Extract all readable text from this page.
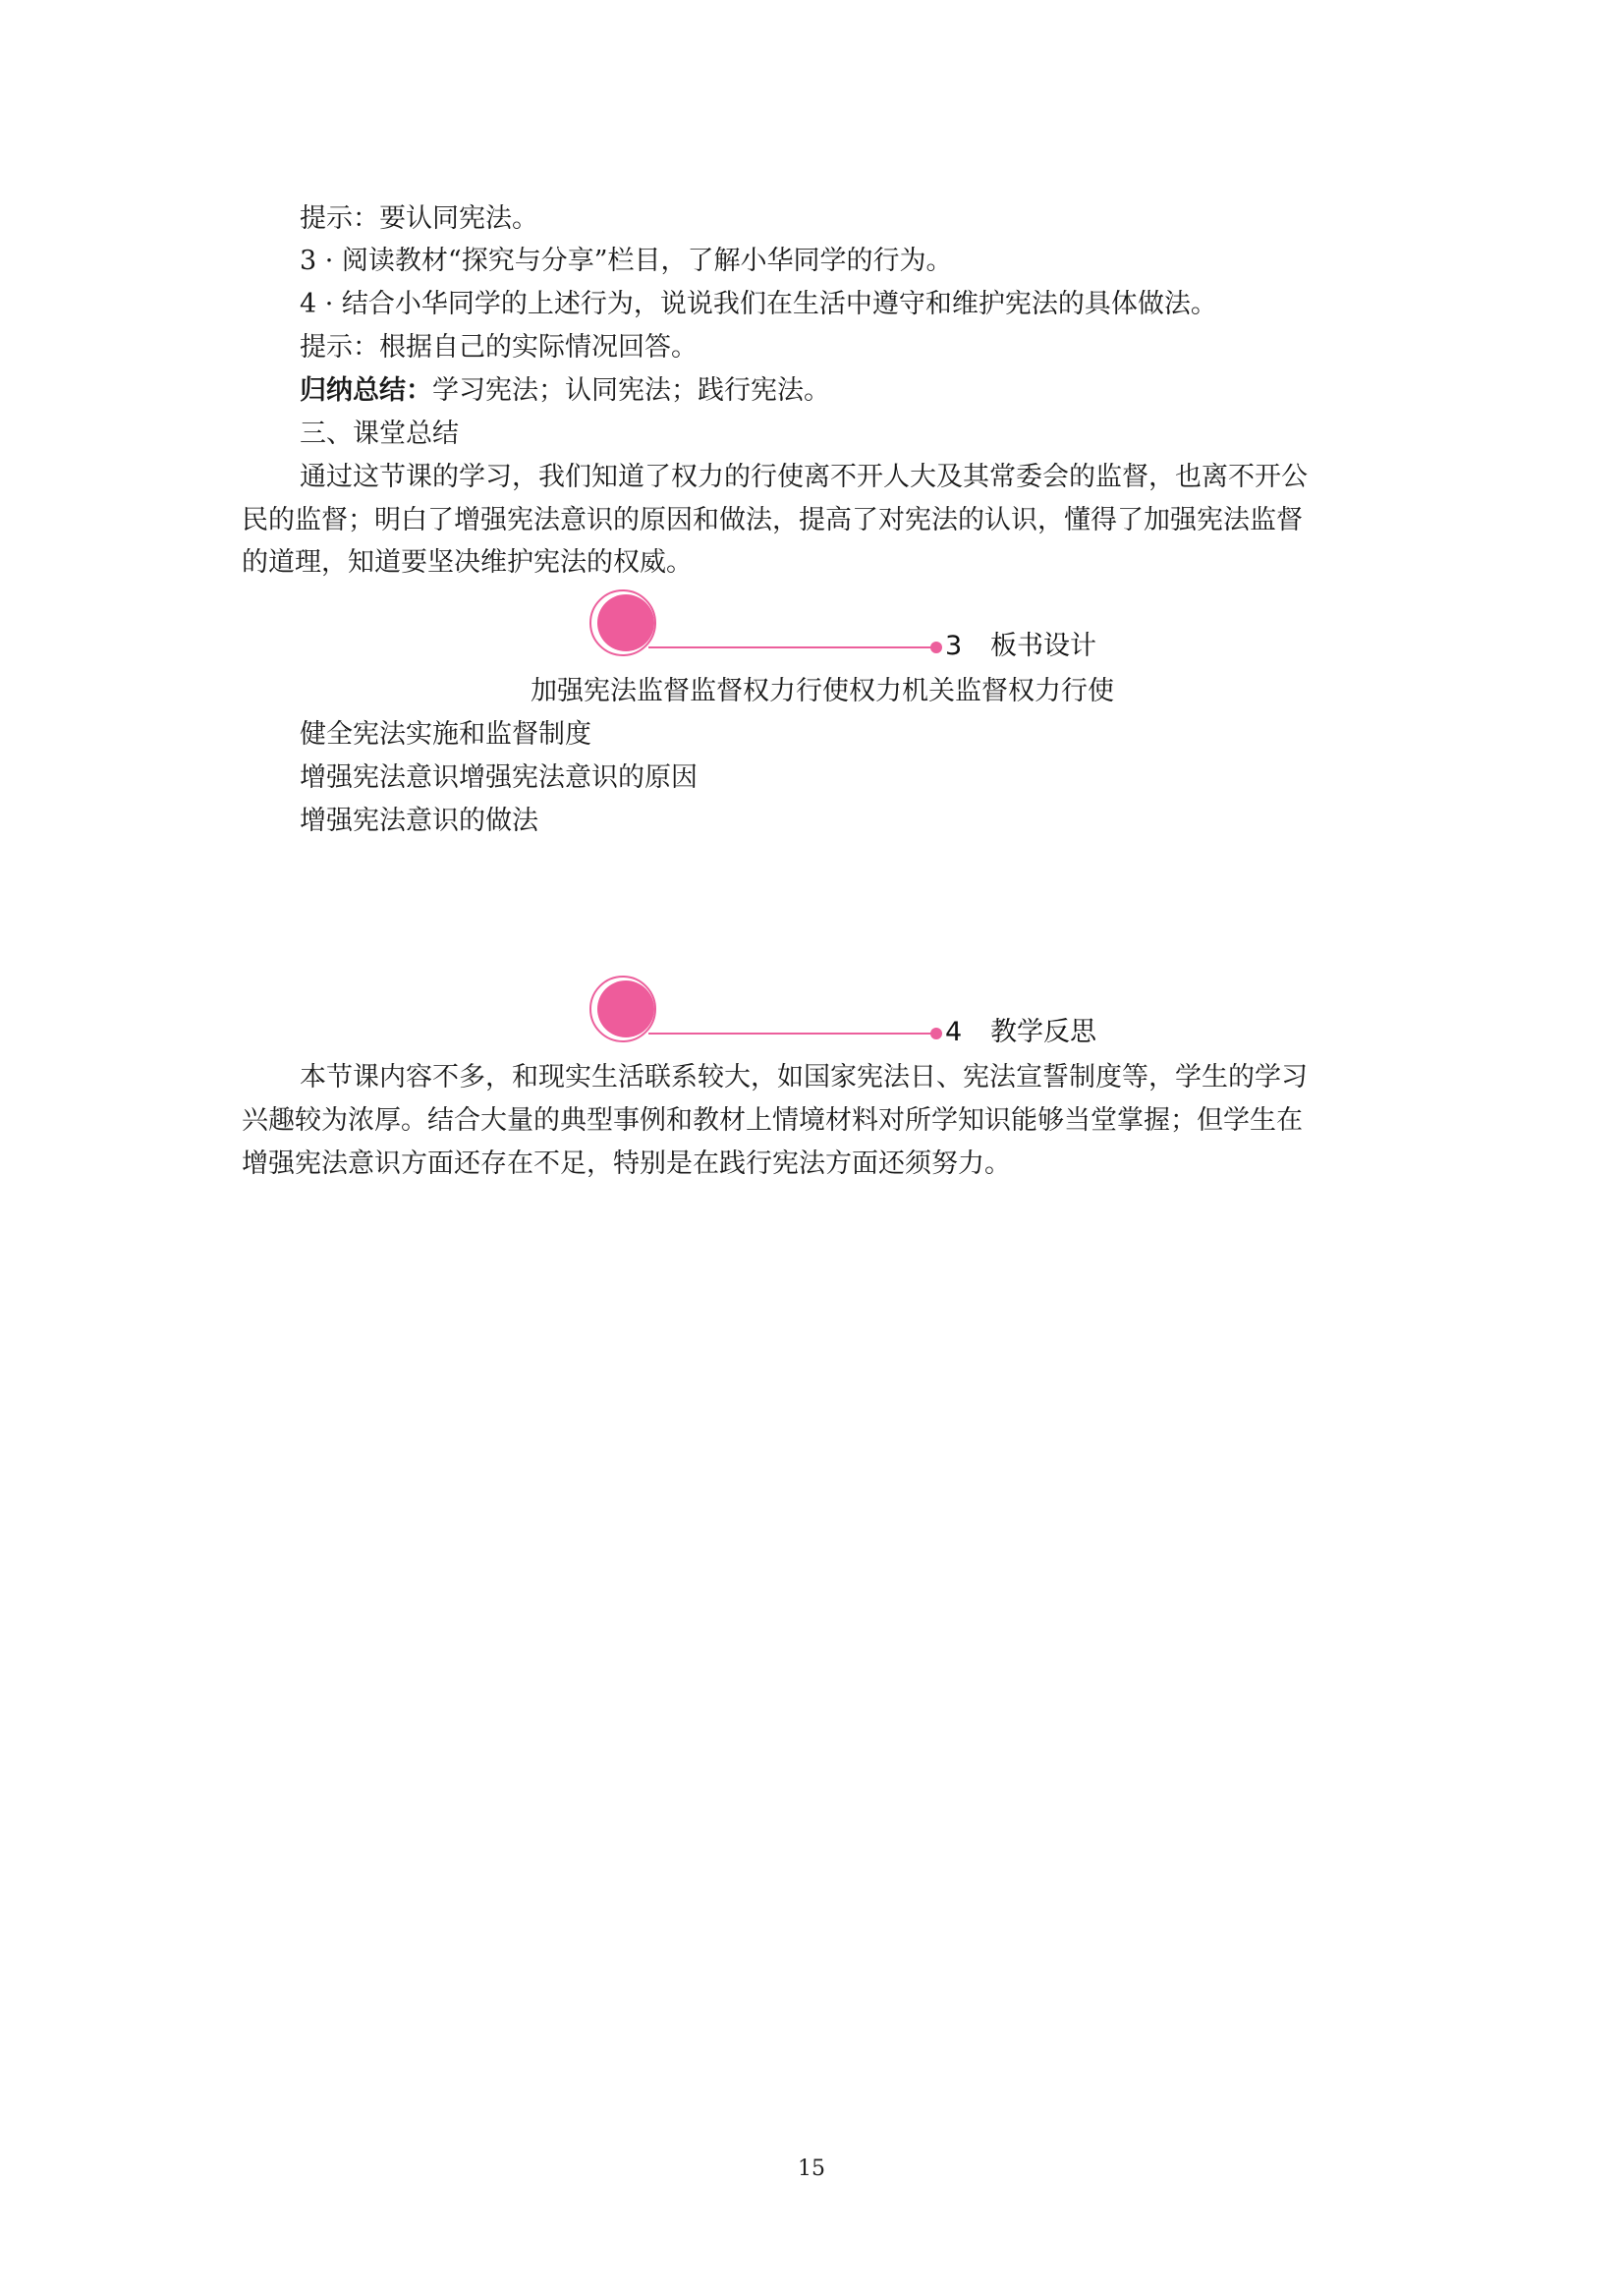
提示：要认同宪法。
3 · 阅读教材“探究与分享”栏目，了解小华同学的行为。
4 · 结合小华同学的上述行为，说说我们在生活中遵守和维护宪法的具体做法。
提示：根据自己的实际情况回答。
归纳总结：学习宪法；认同宪法；践行宪法。
三、课堂总结
通过这节课的学习，我们知道了权力的行使离不开人大及其常委会的监督，也离不开公
民的监督；明白了增强宪法意识的原因和做法，提高了对宪法的认识，懂得了加强宪法监督
的道理，知道要坚决维护宪法的权威。
3 板书设计
加强宪法监督监督权力行使权力机关监督权力行使
健全宪法实施和监督制度
增强宪法意识增强宪法意识的原因
增强宪法意识的做法
4 教学反思
本节课内容不多，和现实生活联系较大，如国家宪法日、宪法宣誓制度等，学生的学习
兴趣较为浓厚。结合大量的典型事例和教材上情境材料对所学知识能够当堂掌握；但学生在
增强宪法意识方面还存在不足，特别是在践行宪法方面还须努力。
15
